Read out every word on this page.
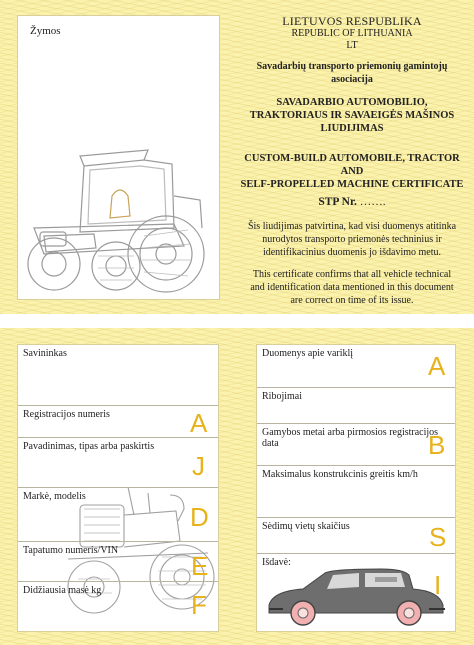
Žymos
LIETUVOS RESPUBLIKA
REPUBLIC OF LITHUANIA
LT
Savadarbių transporto priemonių gamintojų
asociacija
SAVADARBIO AUTOMOBILIO,
TRAKTORIAUS IR SAVAEIGĖS MAŠINOS
LIUDIJIMAS
CUSTOM-BUILD AUTOMOBILE, TRACTOR AND
SELF-PROPELLED MACHINE CERTIFICATE
STP Nr. …….
Šis liudijimas patvirtina, kad visi duomenys atitinka
nurodytos transporto priemonės techninius ir
identifikacinius duomenis jo išdavimo metu.
This certificate confirms that all vehicle technical
and identification data mentioned in this document
are correct on time of its issue.
Savininkas
Registracijos numeris
Pavadinimas, tipas arba paskirtis
Markė, modelis
Tapatumo numeris/VIN
Didžiausia masė kg
A
J
D
E
F
Duomenys apie variklį
Ribojimai
Gamybos metai arba pirmosios registracijos data
Maksimalus konstrukcinis greitis km/h
Sėdimų vietų skaičius
Išdavė:
A
B
S
I
